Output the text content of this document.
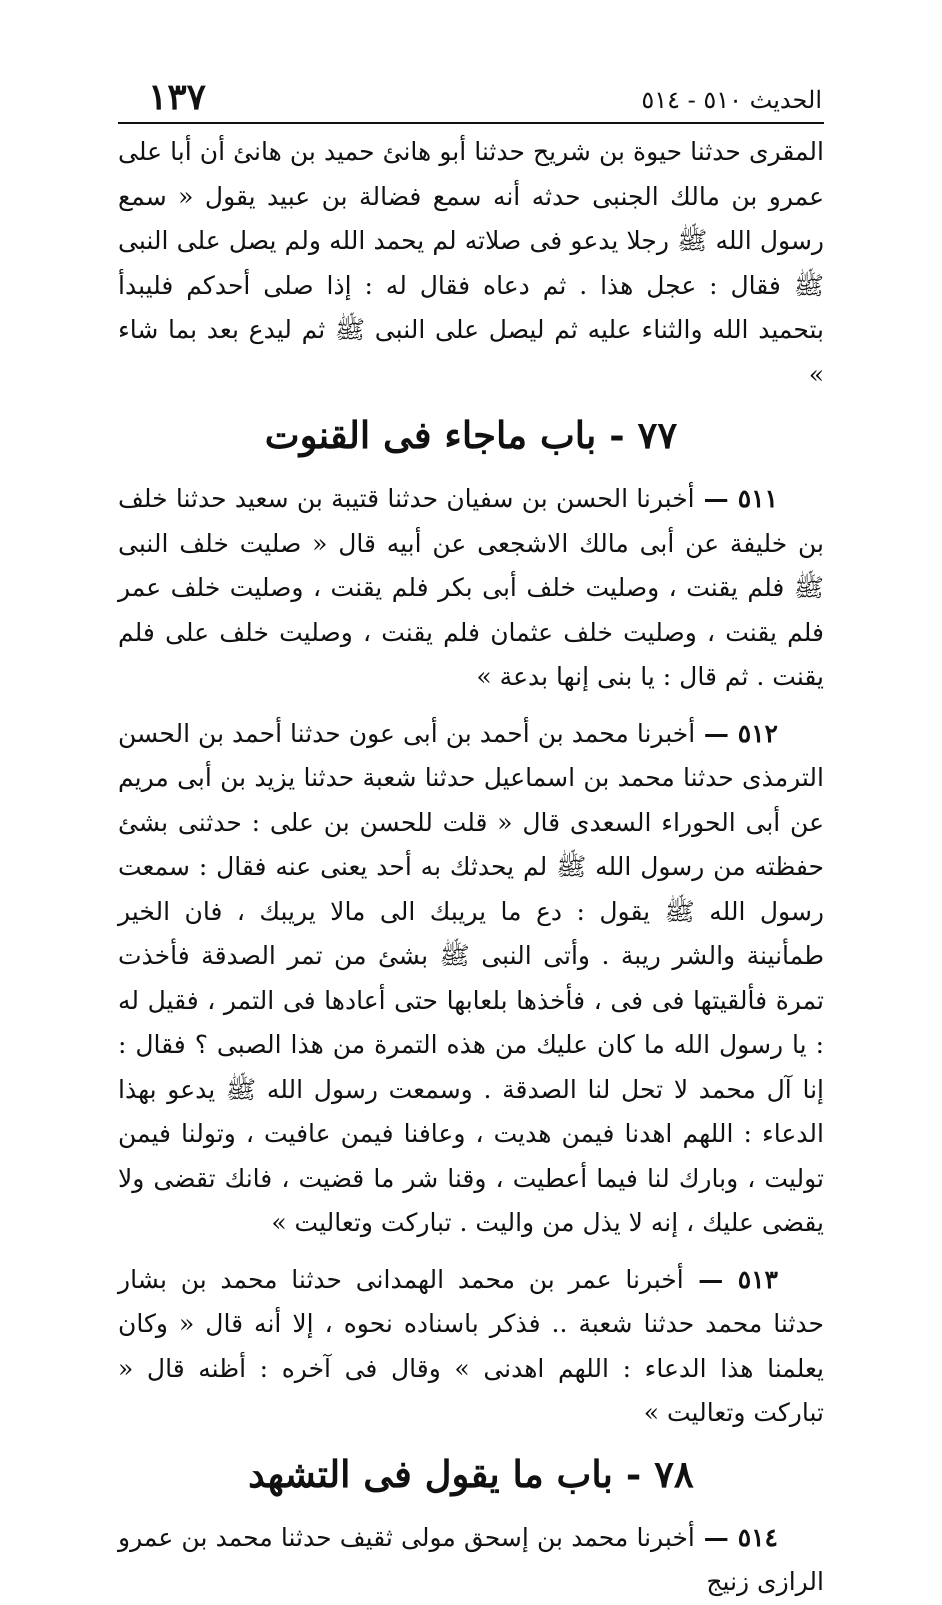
الحديث ٥١٠ - ٥١٤
١٣٧

المقرى حدثنا حيوة بن شريح حدثنا أبو هانئ حميد بن هانئ أن أبا على عمرو بن مالك الجنبى حدثه أنه سمع فضالة بن عبيد يقول « سمع رسول الله ﷺ رجلا يدعو فى صلاته لم يحمد الله ولم يصل على النبى ﷺ فقال : عجل هذا . ثم دعاه فقال له : إذا صلى أحدكم فليبدأ بتحميد الله والثناء عليه ثم ليصل على النبى ﷺ ثم ليدع بعد بما شاء »

٧٧ - باب ماجاء فى القنوت

٥١١ — أخبرنا الحسن بن سفيان حدثنا قتيبة بن سعيد حدثنا خلف بن خليفة عن أبى مالك الاشجعى عن أبيه قال « صليت خلف النبى ﷺ فلم يقنت ، وصليت خلف أبى بكر فلم يقنت ، وصليت خلف عمر فلم يقنت ، وصليت خلف عثمان فلم يقنت ، وصليت خلف على فلم يقنت . ثم قال : يا بنى إنها بدعة »

٥١٢ — أخبرنا محمد بن أحمد بن أبى عون حدثنا أحمد بن الحسن الترمذى حدثنا محمد بن اسماعيل حدثنا شعبة حدثنا يزيد بن أبى مريم عن أبى الحوراء السعدى قال « قلت للحسن بن على : حدثنى بشئ حفظته من رسول الله ﷺ لم يحدثك به أحد يعنى عنه فقال : سمعت رسول الله ﷺ يقول : دع ما يريبك الى مالا يريبك ، فان الخير طمأنينة والشر ريبة . وأتى النبى ﷺ بشئ من تمر الصدقة فأخذت تمرة فألقيتها فى فى ، فأخذها بلعابها حتى أعادها فى التمر ، فقيل له : يا رسول الله ما كان عليك من هذه التمرة من هذا الصبى ؟ فقال : إنا آل محمد لا تحل لنا الصدقة . وسمعت رسول الله ﷺ يدعو بهذا الدعاء : اللهم اهدنا فيمن هديت ، وعافنا فيمن عافيت ، وتولنا فيمن توليت ، وبارك لنا فيما أعطيت ، وقنا شر ما قضيت ، فانك تقضى ولا يقضى عليك ، إنه لا يذل من واليت . تباركت وتعاليت »

٥١٣ — أخبرنا عمر بن محمد الهمدانى حدثنا محمد بن بشار حدثنا محمد حدثنا شعبة .. فذكر باسناده نحوه ، إلا أنه قال « وكان يعلمنا هذا الدعاء : اللهم اهدنى » وقال فى آخره : أظنه قال « تباركت وتعاليت »

٧٨ - باب ما يقول فى التشهد

٥١٤ — أخبرنا محمد بن إسحق مولى ثقيف حدثنا محمد بن عمرو الرازى زنيج
